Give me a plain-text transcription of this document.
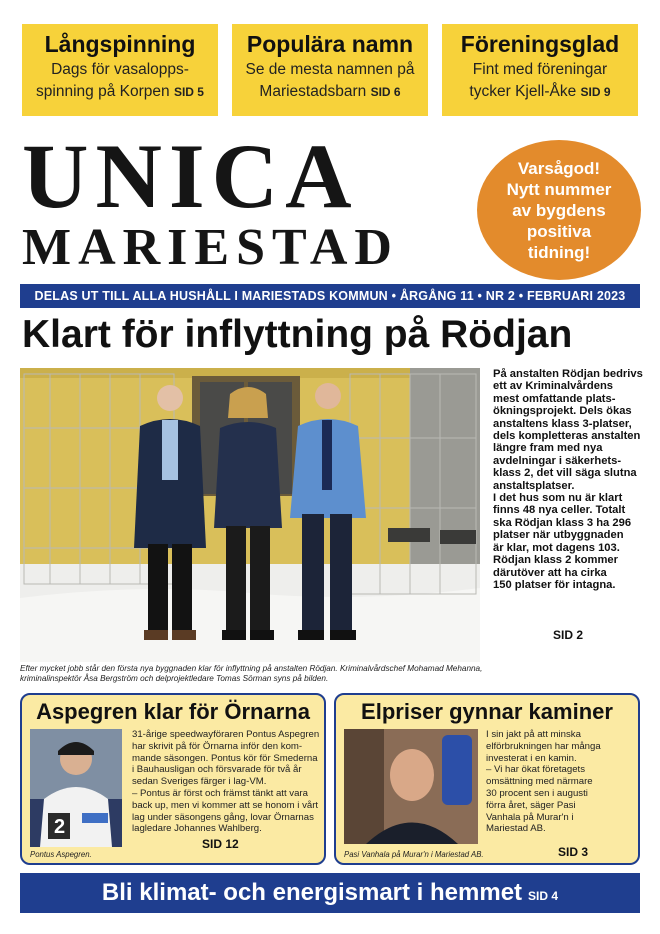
Långspinning
Dags för vasalopps-
spinning på Korpen SID 5
Populära namn
Se de mesta namnen på
Mariestadsbarn SID 6
Föreningsglad
Fint med föreningar
tycker Kjell-Åke SID 9
UNICA
MARIESTAD
Varsågod!
Nytt nummer
av bygdens
positiva
tidning!
DELAS UT TILL ALLA HUSHÅLL I MARIESTADS KOMMUN • ÅRGÅNG 11 • NR 2 • FEBRUARI 2023
Klart för inflyttning på Rödjan
Efter mycket jobb står den första nya byggnaden klar för inflyttning på anstalten Rödjan. Kriminalvårdschef Mohamad Mehanna,
kriminalinspektör Åsa Bergström och delprojektledare Tomas Sörman syns på bilden.
På anstalten Rödjan bedrivs
ett av Kriminalvårdens
mest omfattande plats-
ökningsprojekt. Dels ökas
anstaltens klass 3-platser,
dels kompletteras anstalten
längre fram med nya
avdelningar i säkerhets-
klass 2, det vill säga slutna
anstaltsplatser.
I det hus som nu är klart
finns 48 nya celler. Totalt
ska Rödjan klass 3 ha 296
platser när utbyggnaden
är klar, mot dagens 103.
Rödjan klass 2 kommer
därutöver att ha cirka
150 platser för intagna.
SID 2
Aspegren klar för Örnarna
2
31-årige speedwayföraren Pontus Aspegren
har skrivit på för Örnarna inför den kom-
mande säsongen. Pontus kör för Smederna
i Bauhausligan och försvarade för två år
sedan Sveriges färger i lag-VM.
– Pontus är först och främst tänkt att vara
back up, men vi kommer att se honom i vårt
lag under säsongens gång, lovar Örnarnas
lagledare Johannes Wahlberg.
SID 12
Pontus Aspegren.
Elpriser gynnar kaminer
I sin jakt på att minska
elförbrukningen har många
investerat i en kamin.
– Vi har ökat företagets
omsättning med närmare
30 procent sen i augusti
förra året, säger Pasi
Vanhala på Murar'n i
Mariestad AB.
SID 3
Pasi Vanhala på Murar'n i Mariestad AB.
Bli klimat- och energismart i hemmet SID 4
